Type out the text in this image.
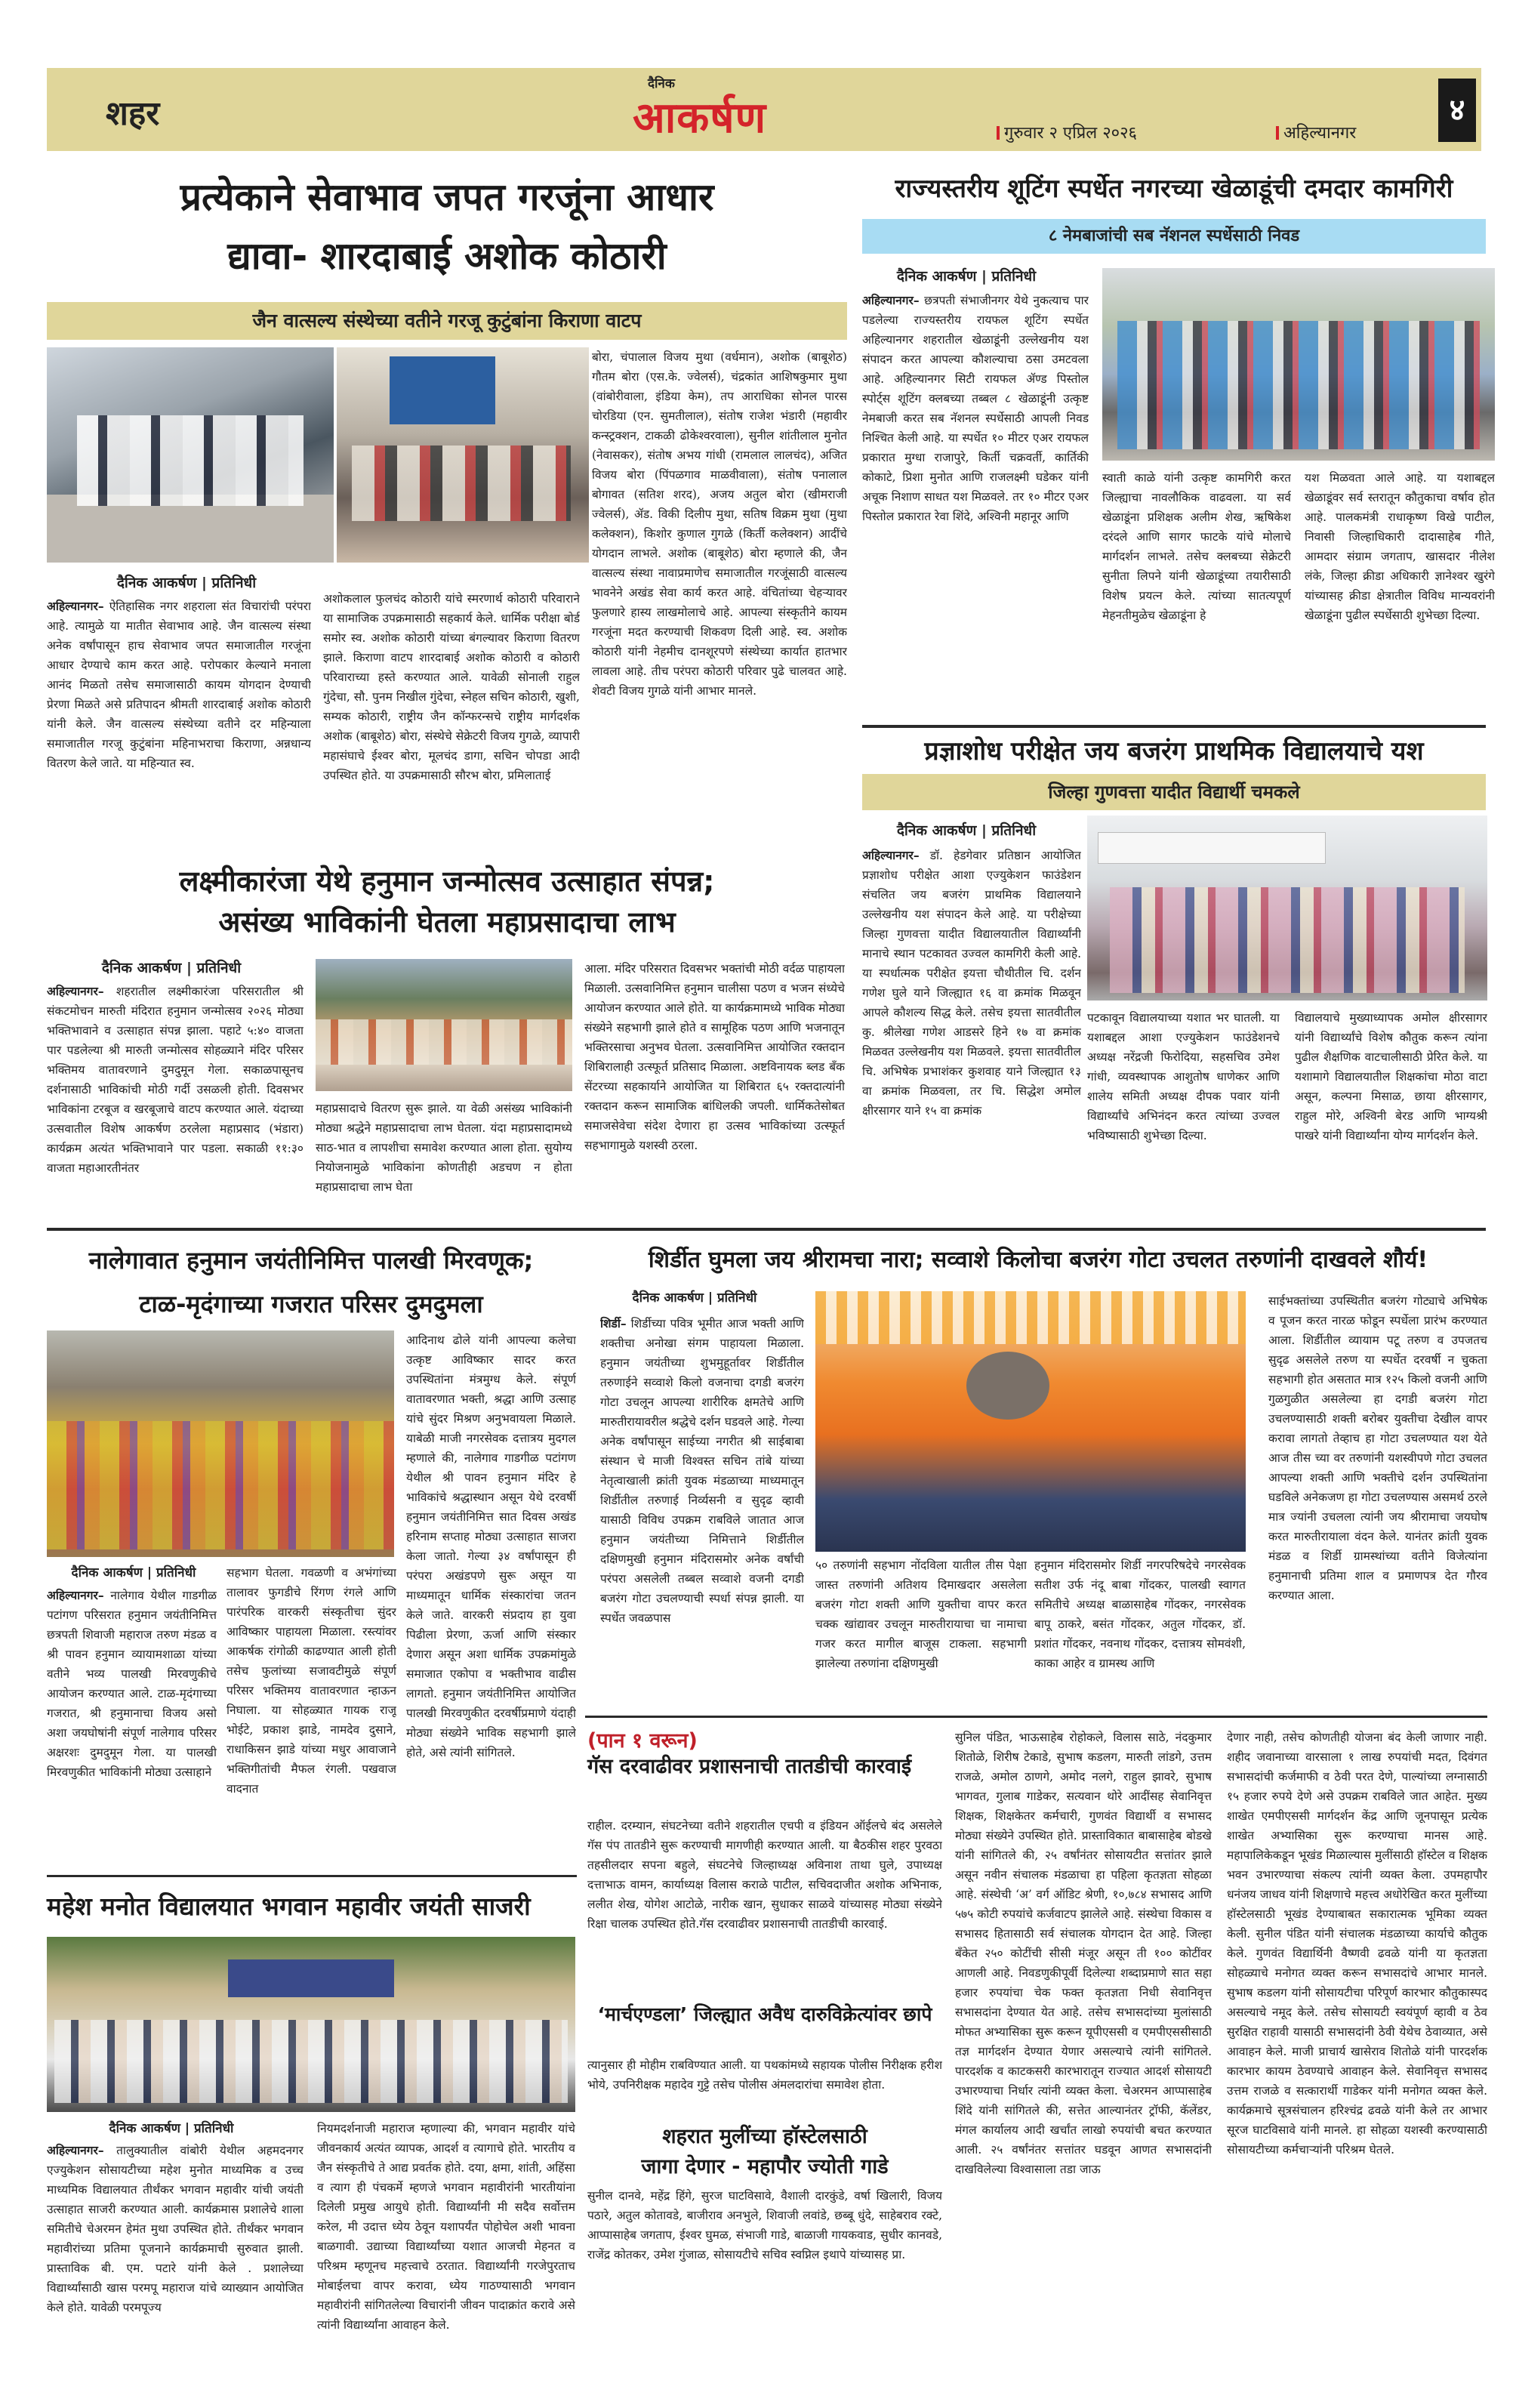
शहर
दैनिक
आकर्षण	गुरुवार २ एप्रिल २०२६	अहिल्यानगर
४
प्रत्येकाने सेवाभाव जपत गरजूंना आधार
द्यावा- शारदाबाई अशोक कोठारी
जैन वात्सल्य संस्थेच्या वतीने गरजू कुटुंबांना किराणा वाटप
दैनिक आकर्षण | प्रतिनिधी
अहिल्यानगर– ऐतिहासिक नगर शहराला संत विचारांची परंपरा आहे. त्यामुळे या मातीत सेवाभाव आहे. जैन वात्सल्य संस्था अनेक वर्षांपासून हाच सेवाभाव जपत समाजातील गरजूंना आधार देण्याचे काम करत आहे. परोपकार केल्याने मनाला आनंद मिळतो तसेच समाजासाठी कायम योगदान देण्याची प्रेरणा मिळते असे प्रतिपादन श्रीमती शारदाबाई अशोक कोठारी यांनी केले. जैन वात्सल्य संस्थेच्या वतीने दर महिन्याला समाजातील गरजू कुटुंबांना महिनाभराचा किराणा, अन्नधान्य वितरण केले जाते. या महिन्यात स्व.
अशोकलाल फुलचंद कोठारी यांचे स्मरणार्थ कोठारी परिवाराने या सामाजिक उपक्रमासाठी सहकार्य केले. धार्मिक परीक्षा बोर्ड समोर स्व. अशोक कोठारी यांच्या बंगल्यावर किराणा वितरण झाले. किराणा वाटप शारदाबाई अशोक कोठारी व कोठारी परिवाराच्या हस्ते करण्यात आले. यावेळी सोनाली राहुल गुंदेचा, सौ. पुनम निखील गुंदेचा, स्नेहल सचिन कोठारी, खुशी, सम्यक कोठारी, राष्ट्रीय जैन कॉन्फरन्सचे राष्ट्रीय मार्गदर्शक अशोक (बाबूशेठ) बोरा, संस्थेचे सेक्रेटरी विजय गुगळे, व्यापारी महासंघाचे ईश्वर बोरा, मूलचंद डागा, सचिन चोपडा आदी उपस्थित होते. या उपक्रमासाठी सौरभ बोरा, प्रमिलाताई
बोरा, चंपालाल विजय मुथा (वर्धमान), अशोक (बाबूशेठ) गौतम बोरा (एस.के. ज्वेलर्स), चंद्रकांत आशिषकुमार मुथा (वांबोरीवाला, इंडिया केम), तप आराधिका सोनल पारस चोरडिया (एन. सुमतीलाल), संतोष राजेश भंडारी (महावीर कन्स्ट्रक्शन, टाकळी ढोकेश्वरवाला), सुनील शांतीलाल मुनोत (नेवासकर), संतोष अभय गांधी (रामलाल लालचंद), अजित विजय बोरा (पिंपळगाव माळवीवाला), संतोष पनालाल बोगावत (सतिश शरद), अजय अतुल बोरा (खीमराजी ज्वेलर्स), ॲड. विकी दिलीप मुथा, सतिष विक्रम मुथा (मुथा कलेक्शन), किशोर कुणाल गुगळे (किर्ती कलेक्शन) आदींचे योगदान लाभले. अशोक (बाबूशेठ) बोरा म्हणाले की, जैन वात्सल्य संस्था नावाप्रमाणेच समाजातील गरजूंसाठी वात्सल्य भावनेने अखंड सेवा कार्य करत आहे. वंचितांच्या चेहऱ्यावर फुलणारे हास्य लाखमोलाचे आहे. आपल्या संस्कृतीने कायम गरजूंना मदत करण्याची शिकवण दिली आहे. स्व. अशोक कोठारी यांनी नेहमीच दानशूरपणे संस्थेच्या कार्यात हातभार लावला आहे. तीच परंपरा कोठारी परिवार पुढे चालवत आहे. शेवटी विजय गुगळे यांनी आभार मानले.
राज्यस्तरीय शूटिंग स्पर्धेत नगरच्या खेळाडूंची दमदार कामगिरी
८ नेमबाजांची सब नॅशनल स्पर्धेसाठी निवड
दैनिक आकर्षण | प्रतिनिधी
अहिल्यानगर– छत्रपती संभाजीनगर येथे नुकत्याच पार पडलेल्या राज्यस्तरीय रायफल शूटिंग स्पर्धेत अहिल्यानगर शहरातील खेळाडूंनी उल्लेखनीय यश संपादन करत आपल्या कौशल्याचा ठसा उमटवला आहे. अहिल्यानगर सिटी रायफल ॲण्ड पिस्तोल स्पोर्ट्स शूटिंग क्लबच्या तब्बल ८ खेळाडूंनी उत्कृष्ट नेमबाजी करत सब नॅशनल स्पर्धेसाठी आपली निवड निश्चित केली आहे. या स्पर्धेत १० मीटर एअर रायफल प्रकारात मुग्धा राजापुरे, किर्ती चक्रवर्ती, कार्तिकी कोकाटे, प्रिशा मुनोत आणि राजलक्ष्मी घडेकर यांनी अचूक निशाण साधत यश मिळवले. तर १० मीटर एअर पिस्तोल प्रकारात रेवा शिंदे, अश्विनी महानूर आणि
स्वाती काळे यांनी उत्कृष्ट कामगिरी करत जिल्ह्याचा नावलौकिक वाढवला. या सर्व खेळाडूंना प्रशिक्षक अलीम शेख, ऋषिकेश दरंदले आणि सागर फाटके यांचे मोलाचे मार्गदर्शन लाभले. तसेच क्लबच्या सेक्रेटरी सुनीता लिपने यांनी खेळाडूंच्या तयारीसाठी विशेष प्रयत्न केले. त्यांच्या सातत्यपूर्ण मेहनतीमुळेच खेळाडूंना हे
यश मिळवता आले आहे. या यशाबद्दल खेळाडूंवर सर्व स्तरातून कौतुकाचा वर्षाव होत आहे. पालकमंत्री राधाकृष्ण विखे पाटील, निवासी जिल्हाधिकारी दादासाहेब गीते, आमदार संग्राम जगताप, खासदार नीलेश लंके, जिल्हा क्रीडा अधिकारी ज्ञानेश्वर खुरंगे यांच्यासह क्रीडा क्षेत्रातील विविध मान्यवरांनी खेळाडूंना पुढील स्पर्धेसाठी शुभेच्छा दिल्या.
प्रज्ञाशोध परीक्षेत जय बजरंग प्राथमिक विद्यालयाचे यश
जिल्हा गुणवत्ता यादीत विद्यार्थी चमकले
दैनिक आकर्षण | प्रतिनिधी
अहिल्यानगर– डॉ. हेडगेवार प्रतिष्ठान आयोजित प्रज्ञाशोध परीक्षेत आशा एज्युकेशन फाउंडेशन संचलित जय बजरंग प्राथमिक विद्यालयाने उल्लेखनीय यश संपादन केले आहे. या परीक्षेच्या जिल्हा गुणवत्ता यादीत विद्यालयातील विद्यार्थ्यांनी मानाचे स्थान पटकावत उज्वल कामगिरी केली आहे. या स्पर्धात्मक परीक्षेत इयत्ता चौथीतील चि. दर्शन गणेश घुले याने जिल्ह्यात १६ वा क्रमांक मिळवून आपले कौशल्य सिद्ध केले. तसेच इयत्ता सातवीतील कु. श्रीलेखा गणेश आडसरे हिने १७ वा क्रमांक मिळवत उल्लेखनीय यश मिळवले. इयत्ता सातवीतील चि. अभिषेक प्रभाशंकर कुशवाह याने जिल्ह्यात १३ वा क्रमांक मिळवला, तर चि. सिद्धेश अमोल क्षीरसागर याने १५ वा क्रमांक
पटकावून विद्यालयाच्या यशात भर घातली. या यशाबद्दल आशा एज्युकेशन फाउंडेशनचे अध्यक्ष नरेंद्रजी फिरोदिया, सहसचिव उमेश गांधी, व्यवस्थापक आशुतोष धाणेकर आणि शालेय समिती अध्यक्ष दीपक पवार यांनी विद्यार्थ्यांचे अभिनंदन करत त्यांच्या उज्वल भविष्यासाठी शुभेच्छा दिल्या.
विद्यालयाचे मुख्याध्यापक अमोल क्षीरसागर यांनी विद्यार्थ्यांचे विशेष कौतुक करून त्यांना पुढील शैक्षणिक वाटचालीसाठी प्रेरित केले. या यशामागे विद्यालयातील शिक्षकांचा मोठा वाटा असून, कल्पना मिसाळ, छाया क्षीरसागर, राहुल मोरे, अश्विनी बेरड आणि भाग्यश्री पाखरे यांनी विद्यार्थ्यांना योग्य मार्गदर्शन केले.
लक्ष्मीकारंजा येथे हनुमान जन्मोत्सव उत्साहात संपन्न;
असंख्य भाविकांनी घेतला महाप्रसादाचा लाभ
दैनिक आकर्षण | प्रतिनिधी
अहिल्यानगर– शहरातील लक्ष्मीकारंजा परिसरातील श्री संकटमोचन मारुती मंदिरात हनुमान जन्मोत्सव २०२६ मोठ्या भक्तिभावाने व उत्साहात संपन्न झाला. पहाटे ५:४० वाजता पार पडलेल्या श्री मारुती जन्मोत्सव सोहळ्याने मंदिर परिसर भक्तिमय वातावरणाने दुमदुमून गेला. सकाळपासूनच दर्शनासाठी भाविकांची मोठी गर्दी उसळली होती. दिवसभर भाविकांना टरबूज व खरबूजाचे वाटप करण्यात आले. यंदाच्या उत्सवातील विशेष आकर्षण ठरलेला महाप्रसाद (भंडारा) कार्यक्रम अत्यंत भक्तिभावाने पार पडला. सकाळी ११:३० वाजता महाआरतीनंतर
महाप्रसादाचे वितरण सुरू झाले. या वेळी असंख्य भाविकांनी मोठ्या श्रद्धेने महाप्रसादाचा लाभ घेतला. यंदा महाप्रसादामध्ये साठ-भात व लापशीचा समावेश करण्यात आला होता. सुयोग्य नियोजनामुळे भाविकांना कोणतीही अडचण न होता महाप्रसादाचा लाभ घेता
आला. मंदिर परिसरात दिवसभर भक्तांची मोठी वर्दळ पाहायला मिळाली. उत्सवानिमित्त हनुमान चालीसा पठण व भजन संध्येचे आयोजन करण्यात आले होते. या कार्यक्रमामध्ये भाविक मोठ्या संख्येने सहभागी झाले होते व सामूहिक पठण आणि भजनातून भक्तिरसाचा अनुभव घेतला. उत्सवानिमित्त आयोजित रक्तदान शिबिरालाही उत्स्फूर्त प्रतिसाद मिळाला. अष्टविनायक ब्लड बँक सेंटरच्या सहकार्याने आयोजित या शिबिरात ६५ रक्तदात्यांनी रक्तदान करून सामाजिक बांधिलकी जपली. धार्मिकतेसोबत समाजसेवेचा संदेश देणारा हा उत्सव भाविकांच्या उत्स्फूर्त सहभागामुळे यशस्वी ठरला.
नालेगावात हनुमान जयंतीनिमित्त पालखी मिरवणूक;
टाळ-मृदंगाच्या गजरात परिसर दुमदुमला
दैनिक आकर्षण | प्रतिनिधी
अहिल्यानगर– नालेगाव येथील गाडगीळ पटांगण परिसरात हनुमान जयंतीनिमित्त छत्रपती शिवाजी महाराज तरुण मंडळ व श्री पावन हनुमान व्यायामशाळा यांच्या वतीने भव्य पालखी मिरवणुकीचे आयोजन करण्यात आले. टाळ-मृदंगाच्या गजरात, श्री हनुमानाचा विजय असो अशा जयघोषांनी संपूर्ण नालेगाव परिसर अक्षरशः दुमदुमून गेला. या पालखी मिरवणुकीत भाविकांनी मोठ्या उत्साहाने
सहभाग घेतला. गवळणी व अभंगांच्या तालावर फुगडीचे रिंगण रंगले आणि पारंपरिक वारकरी संस्कृतीचा सुंदर आविष्कार पाहायला मिळाला. रस्त्यांवर आकर्षक रांगोळी काढण्यात आली होती तसेच फुलांच्या सजावटीमुळे संपूर्ण परिसर भक्तिमय वातावरणात न्हाऊन निघाला. या सोहळ्यात गायक राजू भोईटे, प्रकाश झाडे, नामदेव दुसाने, राधाकिसन झाडे यांच्या मधुर आवाजाने भक्तिगीतांची मैफल रंगली. पखवाज वादनात
आदिनाथ ढोले यांनी आपल्या कलेचा उत्कृष्ट आविष्कार सादर करत उपस्थितांना मंत्रमुग्ध केले. संपूर्ण वातावरणात भक्ती, श्रद्धा आणि उत्साह यांचे सुंदर मिश्रण अनुभवायला मिळाले. याबेळी माजी नगरसेवक दत्तात्रय मुदगल म्हणाले की, नालेगाव गाडगीळ पटांगण येथील श्री पावन हनुमान मंदिर हे भाविकांचे श्रद्धास्थान असून येथे दरवर्षी हनुमान जयंतीनिमित्त सात दिवस अखंड हरिनाम सप्ताह मोठ्या उत्साहात साजरा केला जातो. गेल्या ३४ वर्षांपासून ही परंपरा अखंडपणे सुरू असून या माध्यमातून धार्मिक संस्कारांचा जतन केले जाते. वारकरी संप्रदाय हा युवा पिढीला प्रेरणा, ऊर्जा आणि संस्कार देणारा असून अशा धार्मिक उपक्रमांमुळे समाजात एकोपा व भक्तीभाव वाढीस लागतो. हनुमान जयंतीनिमित्त आयोजित पालखी मिरवणुकीत दरवर्षीप्रमाणे यंदाही मोठ्या संख्येने भाविक सहभागी झाले होते, असे त्यांनी सांगितले.
शिर्डीत घुमला जय श्रीरामचा नारा; सव्वाशे किलोचा बजरंग गोटा उचलत तरुणांनी दाखवले शौर्य!
दैनिक आकर्षण | प्रतिनिधी
शिर्डी– शिर्डीच्या पवित्र भूमीत आज भक्ती आणि शक्तीचा अनोखा संगम पाहायला मिळाला. हनुमान जयंतीच्या शुभमुहूर्तावर शिर्डीतील तरुणाईने सव्वाशे किलो वजनाचा दगडी बजरंग गोटा उचलून आपल्या शारीरिक क्षमतेचे आणि मारुतीरायावरील श्रद्धेचे दर्शन घडवले आहे. गेल्या अनेक वर्षांपासून साईच्या नगरीत श्री साईबाबा संस्थान चे माजी विश्वस्त सचिन तांबे यांच्या नेतृत्वाखाली क्रांती युवक मंडळाच्या माध्यमातून शिर्डीतील तरुणाई निर्व्यसनी व सुदृढ व्हावी यासाठी विविध उपक्रम राबविले जातात आज हनुमान जयंतीच्या निमित्ताने शिर्डीतील दक्षिणमुखी हनुमान मंदिरासमोर अनेक वर्षांची परंपरा असलेली तब्बल सव्वाशे वजनी दगडी बजरंग गोटा उचलण्याची स्पर्धा संपन्न झाली. या स्पर्धेत जवळपास
५० तरुणांनी सहभाग नोंदविला यातील तीस पेक्षा जास्त तरुणांनी अतिशय दिमाखदार असलेला बजरंग गोटा शक्ती आणि युक्तीचा वापर करत चक्क खांद्यावर उचलून मारुतीरायाचा चा नामाचा गजर करत मागील बाजूस टाकला. सहभागी झालेल्या तरुणांना दक्षिणमुखी
हनुमान मंदिरासमोर शिर्डी नगरपरिषदेचे नगरसेवक सतीश उर्फ नंदू बाबा गोंदकर, पालखी स्वागत समितीचे अध्यक्ष बाळासाहेब गोंदकर, नगरसेवक बापू ठाकरे, बसंत गोंदकर, अतुल गोंदकर, डॉ. प्रशांत गोंदकर, नवनाथ गोंदकर, दत्तात्रय सोमवंशी, काका आहेर व ग्रामस्थ आणि
साईभक्तांच्या उपस्थितीत बजरंग गोट्याचे अभिषेक व पूजन करत नारळ फोडून स्पर्धेला प्रारंभ करण्यात आला. शिर्डीतील व्यायाम पटू तरुण व उपजतच सुदृढ असलेले तरुण या स्पर्धेत दरवर्षी न चुकता सहभागी होत असतात मात्र १२५ किलो वजनी आणि गुळगुळीत असलेल्या हा दगडी बजरंग गोटा उचलण्यासाठी शक्ती बरोबर युक्तीचा देखील वापर करावा लागतो तेव्हाच हा गोटा उचलण्यात यश येते आज तीस च्या वर तरुणांनी यशस्वीपणे गोटा उचलत आपल्या शक्ती आणि भक्तीचे दर्शन उपस्थितांना घडविले अनेकजण हा गोटा उचलण्यास असमर्थ ठरले मात्र ज्यांनी उचलला त्यांनी जय श्रीरामाचा जयघोष करत मारुतीरायाला वंदन केले. यानंतर क्रांती युवक मंडळ व शिर्डी ग्रामस्थांच्या वतीने विजेत्यांना हनुमानाची प्रतिमा शाल व प्रमाणपत्र देत गौरव करण्यात आला.
(पान १ वरून)
गॅस दरवाढीवर प्रशासनाची तातडीची कारवाई
राहील. दरम्यान, संघटनेच्या वतीने शहरातील एचपी व इंडियन ऑईलचे बंद असलेले गॅस पंप तातडीने सुरू करण्याची मागणीही करण्यात आली. या बैठकीस शहर पुरवठा तहसीलदार सपना बहुले, संघटनेचे जिल्हाध्यक्ष अविनाश ताथा घुले, उपाध्यक्ष दत्ताभाऊ वामन, कार्याध्यक्ष विलास कराळे पाटील, सचिवदाजीत अशोक अभिनाक, ललीत शेख, योगेश आटोळे, नारीक खान, सुधाकर साळवे यांच्यासह मोठ्या संख्येने रिक्षा चालक उपस्थित होते.गॅस दरवाढीवर प्रशासनाची तातडीची कारवाई.
‘मार्चएण्डला’ जिल्ह्यात अवैध दारुविक्रेत्यांवर छापे
त्यानुसार ही मोहीम राबविण्यात आली. या पथकांमध्ये सहायक पोलीस निरीक्षक हरीश भोये, उपनिरीक्षक महादेव गुट्टे तसेच पोलीस अंमलदारांचा समावेश होता.
शहरात मुलींच्या हॉस्टेलसाठी
जागा देणार - महापौर ज्योती गाडे
सुनील दानवे, महेंद्र हिंगे, सुरज घाटविसावे, वैशाली दारकुंडे, वर्षा खिलारी, विजय पठारे, अतुल कोतावडे, बाजीराव अनभुले, शिवाजी लवांडे, छब्बू धुंदे, साहेबराव रक्टे, आप्पासाहेब जगताप, ईश्वर घुमळ, संभाजी गाडे, बाळाजी गायकवाड, सुधीर कानवडे, राजेंद्र कोतकर, उमेश गुंजाळ, सोसायटीचे सचिव स्वप्निल इथापे यांच्यासह प्रा.
सुनिल पंडित, भाऊसाहेब रोहोकले, विलास साठे, नंदकुमार शितोळे, शिरीष टेकाडे, सुभाष कडलग, मारुती लांडगे, उत्तम राजळे, अमोल ठाणगे, अमोद नलगे, राहुल झावरे, सुभाष भागवत, गुलाब गाडेकर, सत्यवान थोरे आदींसह सेवानिवृत्त शिक्षक, शिक्षकेतर कर्मचारी, गुणवंत विद्यार्थी व सभासद मोठ्या संख्येने उपस्थित होते. प्रास्ताविकात बाबासाहेब बोडखे यांनी सांगितले की, २५ वर्षांनंतर सोसायटीत सत्तांतर झाले असून नवीन संचालक मंडळाचा हा पहिला कृतज्ञता सोहळा आहे. संस्थेची ‘अ’ वर्ग ऑडिट श्रेणी, १०,७८४ सभासद आणि ५७५ कोटी रुपयांचे कर्जवाटप झालेले आहे. संस्थेचा विकास व सभासद हितासाठी सर्व संचालक योगदान देत आहे. जिल्हा बँकेत २५० कोटींची सीसी मंजूर असून ती १०० कोटींवर आणली आहे. निवडणुकीपूर्वी दिलेल्या शब्दाप्रमाणे सात सहा हजार रुपयांचा चेक फक्त कृतज्ञता निधी सेवानिवृत्त सभासदांना देण्यात येत आहे. तसेच सभासदांच्या मुलांसाठी मोफत अभ्यासिका सुरू करून यूपीएससी व एमपीएससीसाठी तज्ञ मार्गदर्शन देण्यात येणार असल्याचे त्यांनी सांगितले. पारदर्शक व काटकसरी कारभारातून राज्यात आदर्श सोसायटी उभारण्याचा निर्धार त्यांनी व्यक्त केला. चेअरमन आप्पासाहेब शिंदे यांनी सांगितले की, सत्तेत आल्यानंतर ट्रॉफी, कॅलेंडर, मंगल कार्यालय आदी खर्चांत लाखो रुपयांची बचत करण्यात आली. २५ वर्षांनंतर सत्तांतर घडवून आणत सभासदांनी दाखविलेल्या विश्वासाला तडा जाऊ
देणार नाही, तसेच कोणतीही योजना बंद केली जाणार नाही. शहीद जवानाच्या वारसाला १ लाख रुपयांची मदत, दिवंगत सभासदांची कर्जमाफी व ठेवी परत देणे, पाल्यांच्या लग्नासाठी १५ हजार रुपये देणे असे उपक्रम राबविले जात आहेत. मुख्य शाखेत एमपीएससी मार्गदर्शन केंद्र आणि जूनपासून प्रत्येक शाखेत अभ्यासिका सुरू करण्याचा मानस आहे. महापालिकेकडून भूखंड मिळाल्यास मुलींसाठी हॉस्टेल व शिक्षक भवन उभारण्याचा संकल्प त्यांनी व्यक्त केला. उपमहापौर धनंजय जाधव यांनी शिक्षणाचे महत्त्व अधोरेखित करत मुलींच्या हॉस्टेलसाठी भूखंड देण्याबाबत सकारात्मक भूमिका व्यक्त केली. सुनील पंडित यांनी संचालक मंडळाच्या कार्याचे कौतुक केले. गुणवंत विद्यार्थिनी वैष्णवी ढवळे यांनी या कृतज्ञता सोहळ्याचे मनोगत व्यक्त करून सभासदांचे आभार मानले. सुभाष कडलग यांनी सोसायटीचा परिपूर्ण कारभार कौतुकास्पद असल्याचे नमूद केले. तसेच सोसायटी स्वयंपूर्ण व्हावी व ठेव सुरक्षित राहावी यासाठी सभासदांनी ठेवी येथेच ठेवाव्यात, असे आवाहन केले. माजी प्राचार्य खासेराव शितोळे यांनी पारदर्शक कारभार कायम ठेवण्याचे आवाहन केले. सेवानिवृत्त सभासद उत्तम राजळे व सत्कारार्थी गाडेकर यांनी मनोगत व्यक्त केले. कार्यक्रमाचे सूत्रसंचालन हरिश्चंद्र ढवळे यांनी केले तर आभार सूरज घाटविसावे यांनी मानले. हा सोहळा यशस्वी करण्यासाठी सोसायटीच्या कर्मचाऱ्यांनी परिश्रम घेतले.
महेश मनोत विद्यालयात भगवान महावीर जयंती साजरी
दैनिक आकर्षण | प्रतिनिधी
अहिल्यानगर– तालुक्यातील वांबोरी येथील अहमदनगर एज्युकेशन सोसायटीच्या महेश मुनोत माध्यमिक व उच्च माध्यमिक विद्यालयात तीर्थंकर भगवान महावीर यांची जयंती उत्साहात साजरी करण्यात आली. कार्यक्रमास प्रशालेचे शाला समितीचे चेअरमन हेमंत मुथा उपस्थित होते. तीर्थंकर भगवान महावीरांच्या प्रतिमा पूजनाने कार्यक्रमाची सुरुवात झाली. प्रास्ताविक बी. एम. पटारे यांनी केले . प्रशालेच्या विद्यार्थ्यांसाठी खास परमपू महाराज यांचे व्याख्यान आयोजित केले होते. यावेळी परमपूज्य
नियमदर्शनाजी महाराज म्हणाल्या की, भगवान महावीर यांचे जीवनकार्य अत्यंत व्यापक, आदर्श व त्यागाचे होते. भारतीय व जैन संस्कृतीचे ते आद्य प्रवर्तक होते. दया, क्षमा, शांती, अहिंसा व त्याग ही पंचकर्मे म्हणजे भगवान महावीरांनी भारतीयांना दिलेली प्रमुख आयुधे होती. विद्यार्थ्यांनी मी सदैव सर्वोत्तम करेल, मी उदात्त ध्येय ठेवून यशापर्यंत पोहोचेल अशी भावना बाळगावी. उद्याच्या विद्यार्थ्यांच्या यशात आजची मेहनत व परिश्रम म्हणूनच महत्त्वाचे ठरतात. विद्यार्थ्यांनी गरजेपुरताच मोबाईलचा वापर करावा, ध्येय गाठण्यासाठी भगवान महावीरांनी सांगितलेल्या विचारांनी जीवन पादाक्रांत करावे असे त्यांनी विद्यार्थ्यांना आवाहन केले.
